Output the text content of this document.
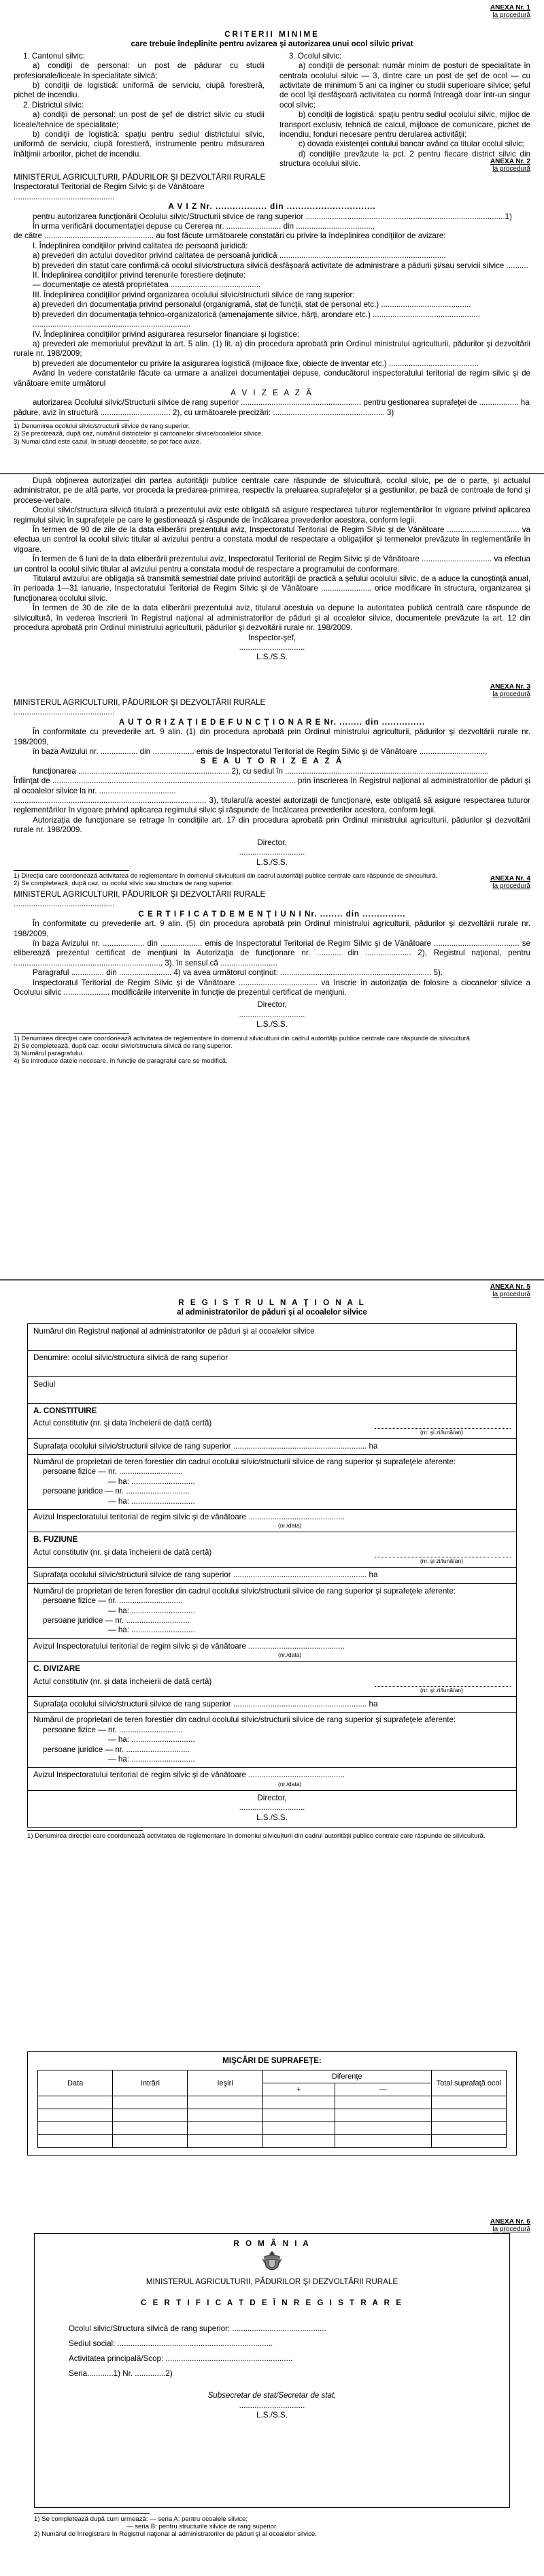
ANEXA Nr. 1
la procedură
CRITERII MINIME
care trebuie îndeplinite pentru avizarea şi autorizarea unui ocol silvic privat

1. Cantonul silvic:

a) condiţii de personal: un post de pădurar cu studii profesionale/liceale în specialitate silvică;

b) condiţii de logistică: uniformă de serviciu, ciupă forestieră, pichet de incendiu.

2. Districtul silvic:

a) condiţii de personal: un post de şef de district silvic cu studii liceale/tehnice de specialitate;

b) condiţii de logistică: spaţiu pentru sediul districtului silvic, uniformă de serviciu, ciupă forestieră, instrumente pentru măsurarea înălţimii arborilor, pichet de incendiu.

3. Ocolul silvic:

a) condiţii de personal: număr minim de posturi de specialitate în centrala ocolului silvic — 3, dintre care un post de şef de ocol — cu activitate de minimum 5 ani ca inginer cu studii superioare silvice; şeful de ocol îşi desfăşoară activitatea cu normă întreagă doar într-un singur ocol silvic;

b) condiţii de logistică: spaţiu pentru sediul ocolului silvic, mijloc de transport exclusiv, tehnică de calcul, mijloace de comunicare, pichet de incendiu, fonduri necesare pentru derularea activităţii;

c) dovada existenţei contului bancar având ca titular ocolul silvic;

d) condiţiile prevăzute la pct. 2 pentru fiecare district silvic din structura ocolului silvic.	ANEXA Nr. 2
la procedură
MINISTERUL AGRICULTURII, PĂDURILOR ŞI DEZVOLTĂRII RURALE
Inspectoratul Teritorial de Regim Silvic şi de Vânătoare
..............................................
A V I Z Nr. .................. din ...............................

pentru autorizarea funcţionării Ocolului silvic/Structurii silvice de rang superior ...........................................................................................1)

În urma verificării documentaţiei depuse cu Cererea nr. ......................... din ...................................,

de către .................................................. au fost făcute următoarele constatări cu privire la îndeplinirea condiţiilor de avizare:

I. Îndeplinirea condiţiilor privind calitatea de persoană juridică:

a) prevederi din actului doveditor privind calitatea de persoană juridică ............................................................................

b) prevederi din statut care confirmă că ocolul silvic/structura silvică desfăşoară activitate de administrare a pădurii şi/sau servicii silvice ..........

II. Îndeplinirea condiţiilor privind terenurile forestiere deţinute:

— documentaţie ce atestă proprietatea .........................................

III. Îndeplinirea condiţiilor privind organizarea ocolului silvic/structurii silvice de rang superior:

a) prevederi din documentaţia privind personalul (organigramă, stat de funcţii, stat de personal etc.) .........................................

b) prevederi din documentaţia tehnico-organizatorică (amenajamente silvice, hărţi, arondare etc.) .................................................

........................................................................

IV. Îndeplinirea condiţiilor privind asigurarea resurselor financiare şi logistice:

a) prevederi ale memoriului prevăzut la art. 5 alin. (1) lit. a) din procedura aprobată prin Ordinul ministrului agriculturii, pădurilor şi dezvoltării rurale nr. 198/2009;

b) prevederi ale documentelor cu privire la asigurarea logistică (mijloace fixe, obiecte de inventar etc.) .........................................

Având în vedere constatările făcute ca urmare a analizei documentaţiei depuse, conducătorul inspectoratului teritorial de regim silvic şi de vânătoare emite următorul

A V I Z E A Z Ă

autorizarea Ocolului silvic/Structurii silvice de rang superior ....................................................... pentru gestionarea suprafeţei de .................. ha

pădure, aviz în structură ................................ 2), cu următoarele precizări: ................................................... 3)

1) Denumirea ocolului silvic/structurii silvice de rang superior.

2) Se precizează, după caz, numărul districtelor şi cantoanelor silvice/ocoalelor silvice.

3) Numai când este cazul, în situaţii deosebite, se pot face avize.

După obţinerea autorizaţiei din partea autorităţii publice centrale care răspunde de silvicultură, ocolul silvic, pe de o parte, şi actualul administrator, pe de altă parte, vor proceda la predarea-primirea, respectiv la preluarea suprafeţelor şi a gestiunilor, pe bază de controale de fond şi procese-verbale.

Ocolul silvic/structura silvică titulară a prezentului aviz este obligată să asigure respectarea tuturor reglementărilor în vigoare privind aplicarea regimului silvic în suprafeţele pe care le gestionează şi răspunde de încălcarea prevederilor acestora, conform legii.

În termen de 90 de zile de la data eliberării prezentului aviz, Inspectoratul Teritorial de Regim Silvic şi de Vânătoare ................................. va efectua un control la ocolul silvic titular al avizului pentru a constata modul de respectare a obligaţiilor şi termenelor prevăzute în reglementările în vigoare.

În termen de 6 luni de la data eliberării prezentului aviz, Inspectoratul Teritorial de Regim Silvic şi de Vânătoare ................................ va efectua un control la ocolul silvic titular al avizului pentru a constata modul de respectare a programului de conformare.

Titularul avizului are obligaţia să transmită semestrial date privind autorităţii de practică a şefului ocolului silvic, de a aduce la cunoştinţă anual, în perioada 1—31 ianuarie, Inspectoratului Teritorial de Regim Silvic şi de Vânătoare ....................... orice modificare în structura, organizarea şi funcţionarea ocolului silvic.

În termen de 30 de zile de la data eliberării prezentului aviz, titularul acestuia va depune la autoritatea publică centrală care răspunde de silvicultură, în vederea înscrierii în Registrul naţional al administratorilor de păduri şi al ocoalelor silvice, documentele prevăzute la art. 12 din procedura aprobată prin Ordinul ministrului agriculturii, pădurilor şi dezvoltării rurale nr. 198/2009.

Inspector-şef,
..............................
L.S./S.S.
ANEXA Nr. 3
la procedură
MINISTERUL AGRICULTURII, PĂDURILOR ŞI DEZVOLTĂRII RURALE
..............................................
A U T O R I Z A Ţ I E D E F U N C Ţ I O N A R E Nr. ........ din ...............

În conformitate cu prevederile art. 9 alin. (1) din procedura aprobată prin Ordinul ministrului agriculturii, pădurilor şi dezvoltării rurale nr. 198/2009,

în baza Avizului nr. ................. din ................... emis de Inspectoratul Teritorial de Regim Silvic şi de Vânătoare ..............................,

S E A U T O R I Z E A Z Ă

funcţionarea ..................................................................... 2), cu sediul în .............................................................................................

Înfiinţat de ............................................................................................................... prin înscrierea în Registrul naţional al administratorilor de păduri şi al ocoalelor silvice la nr. ...................................

........................................................................................ 3), titularul/a acestei autorizaţii de funcţionare, este obligată să asigure respectarea tuturor reglementărilor în vigoare privind aplicarea regimului silvic şi răspunde de încălcarea prevederilor acestora, conform legii.

Autorizaţia de funcţionare se retrage în condiţiile art. 17 din procedura aprobată prin Ordinul ministrului agriculturii, pădurilor şi dezvoltării rurale nr. 198/2009.

Director,
..............................
L.S./S.S.

1) Direcţia care coordonează activitatea de reglementare în domeniul silviculturii din cadrul autorităţii publice centrale care răspunde de silvicultură.

2) Se completează, după caz, cu ocolul silvic sau structura de rang superior.

ANEXA Nr. 4
la procedură
MINISTERUL AGRICULTURII, PĂDURILOR ŞI DEZVOLTĂRII RURALE
..............................................
C E R T I F I C A T D E M E N Ţ I U N I Nr. ........ din ...............

În conformitate cu prevederile art. 9 alin. (5) din procedura aprobată prin Ordinul ministrului agriculturii, pădurilor şi dezvoltării rurale nr. 198/2009,

în baza Avizului nr. ................... din ................... emis de Inspectoratul Teritorial de Regim Silvic şi de Vânătoare ....................................... se eliberează prezentul certificat de menţiuni la Autorizaţia de funcţionare nr. ........... din ..................... 2), Registrul naţional, pentru .................................................................... 3), în sensul că ..........................

Paragraful ............... din ........................ 4) va avea următorul conţinut: ..................................................................... 5).

Inspectoratul Teritorial de Regim Silvic şi de Vânătoare .................................... va înscrie în autorizaţia de folosire a ciocanelor silvice a Ocolului silvic ..................... modificările intervenite în funcţie de prezentul certificat de menţiuni.

Director,
..............................
L.S./S.S.

1) Denumirea direcţiei care coordonează activitatea de reglementare în domeniul silviculturii din cadrul autorităţii publice centrale care răspunde de silvicultură.

2) Se completează, după caz: ocolul silvic/structura silvică de rang superior.

3) Numărul paragrafului.

4) Se introduce datele necesare, în funcţie de paragraful care se modifică.

ANEXA Nr. 5
la procedură
R E G I S T R U L N A Ţ I O N A L
al administratorilor de păduri şi al ocoalelor silvice
Numărul din Registrul naţional al administratorilor de păduri şi al ocoalelor silvice
Denumire: ocolul silvic/structura silvică de rang superior
Sediul
A. CONSTITUIRE
Actul constitutiv (nr. şi data încheierii de dată certă)
(nr. şi zi/lună/an)
Suprafaţa ocolului silvic/structurii silvice de rang superior ............................................................. ha
Numărul de proprietari de teren forestier din cadrul ocolului silvic/structurii silvice de rang superior şi suprafeţele aferente:
persoane fizice — nr. .............................
— ha: .............................
persoane juridice — nr. .............................
— ha: .............................
Avizul Inspectoratului teritorial de regim silvic şi de vânătoare ............................................
(nr./data)
B. FUZIUNE
Actul constitutiv (nr. şi data încheierii de dată certă)
(nr. şi zi/lună/an)
Suprafaţa ocolului silvic/structurii silvice de rang superior ............................................................. ha
Numărul de proprietari de teren forestier din cadrul ocolului silvic/structurii silvice de rang superior şi suprafeţele aferente:
persoane fizice — nr. .............................
— ha: .............................
persoane juridice — nr. .............................
— ha: .............................
Avizul Inspectoratului teritorial de regim silvic şi de vânătoare ............................................
(nr./data)
C. DIVIZARE
Actul constitutiv (nr. şi data încheierii de dată certă)
(nr. şi zi/lună/an)
Suprafaţa ocolului silvic/structurii silvice de rang superior ............................................................. ha
Numărul de proprietari de teren forestier din cadrul ocolului silvic/structurii silvice de rang superior şi suprafeţele aferente:
persoane fizice — nr. .............................
— ha: .............................
persoane juridice — nr. .............................
— ha: .............................
Avizul Inspectoratului teritorial de regim silvic şi de vânătoare ............................................
(nr./data)
Director,
..............................
L.S./S.S.

1) Denumirea direcţiei care coordonează activitatea de reglementare în domeniul silviculturii din cadrul autorităţii publice centrale care răspunde de silvicultură.

MIŞCĂRI DE SUPRAFEŢE:
Data	Intrări	Ieşiri	Diferenţe		Total suprafaţă ocol
			+	—	

ANEXA Nr. 6
la procedură
R O M Â N I A
MINISTERUL AGRICULTURII, PĂDURILOR ŞI DEZVOLTĂRII RURALE
C E R T I F I C A T D E Î N R E G I S T R A R E
Ocolul silvic/Structura silvică de rang superior: ...........................................
Sediul social: .......................................................................
Activitatea principală/Scop: ..........................................................
Seria............1) Nr. ..............2)
Subsecretar de stat/Secretar de stat,
..............................
L.S./S.S.

1) Se completează după cum urmează: — seria A: pentru ocoalele silvice;

— seria B: pentru structurile silvice de rang superior.

2) Numărul de înregistrare în Registrul naţional al administratorilor de păduri şi al ocoalelor silvice.
